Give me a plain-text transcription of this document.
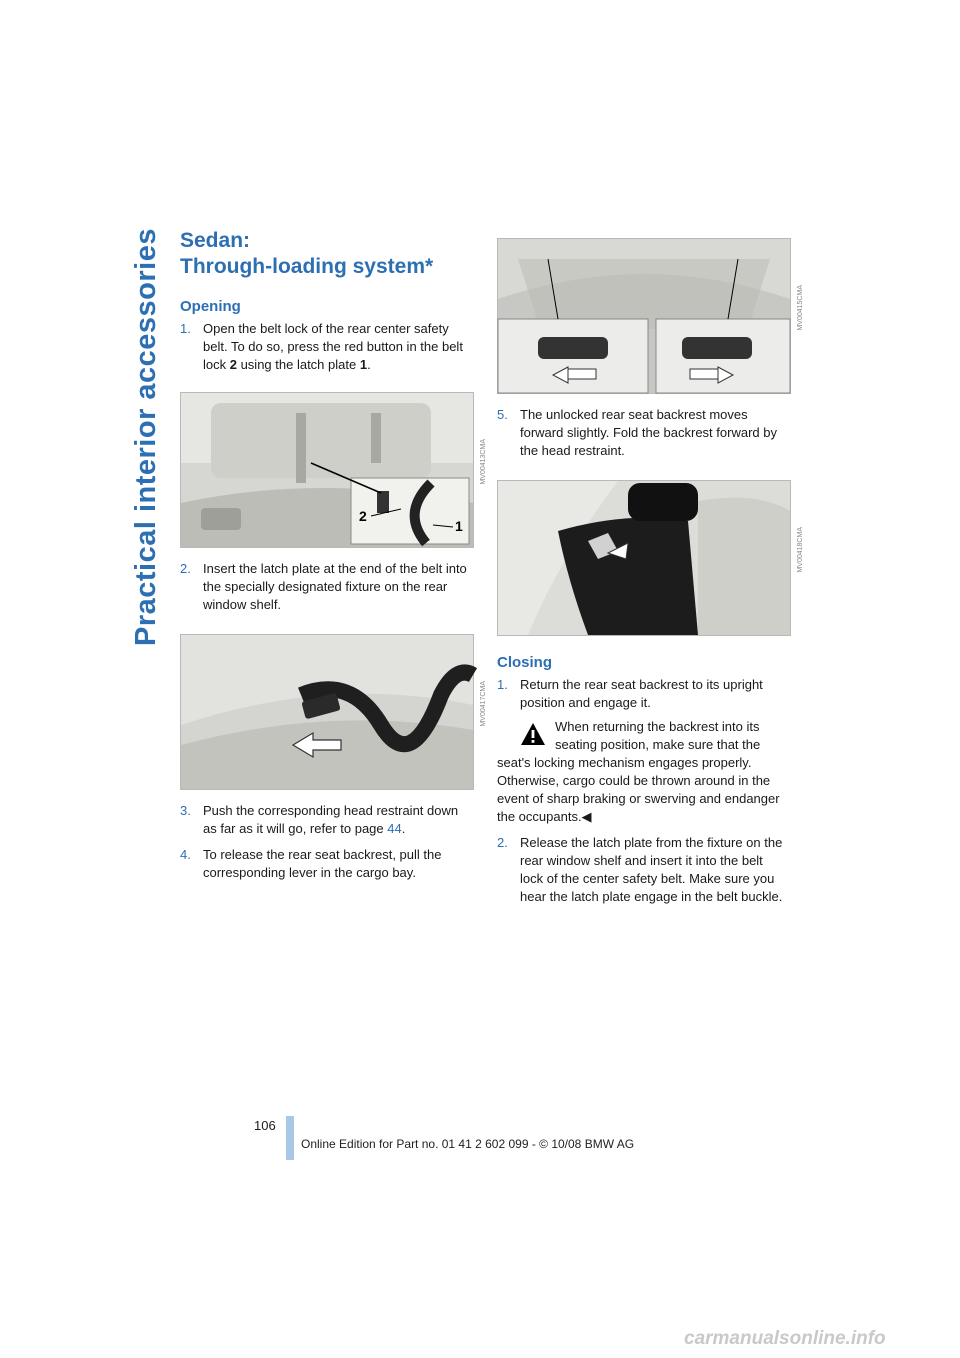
Practical interior accessories Sedan:
Through-loading system*
Opening
1. Open the belt lock of the rear center safety belt. To do so, press the red button in the belt lock 2 using the latch plate 1.
2
1
MV00413CMA
2. Insert the latch plate at the end of the belt into the specially designated fixture on the rear window shelf.
MV00417CMA
3. Push the corresponding head restraint down as far as it will go, refer to page 44.
4. To release the rear seat backrest, pull the corresponding lever in the cargo bay.
MV00415CMA
5. The unlocked rear seat backrest moves forward slightly. Fold the backrest forward by the head restraint.
MV00418CMA
Closing
1. Return the rear seat backrest to its upright position and engage it.
When returning the backrest into its seating position, make sure that the seat's locking mechanism engages properly. Otherwise, cargo could be thrown around in the event of sharp braking or swerving and endanger the occupants.◀
2. Release the latch plate from the fixture on the rear window shelf and insert it into the belt lock of the center safety belt. Make sure you hear the latch plate engage in the belt buckle.
106
Online Edition for Part no. 01 41 2 602 099 - © 10/08 BMW AG
carmanualsonline.info
